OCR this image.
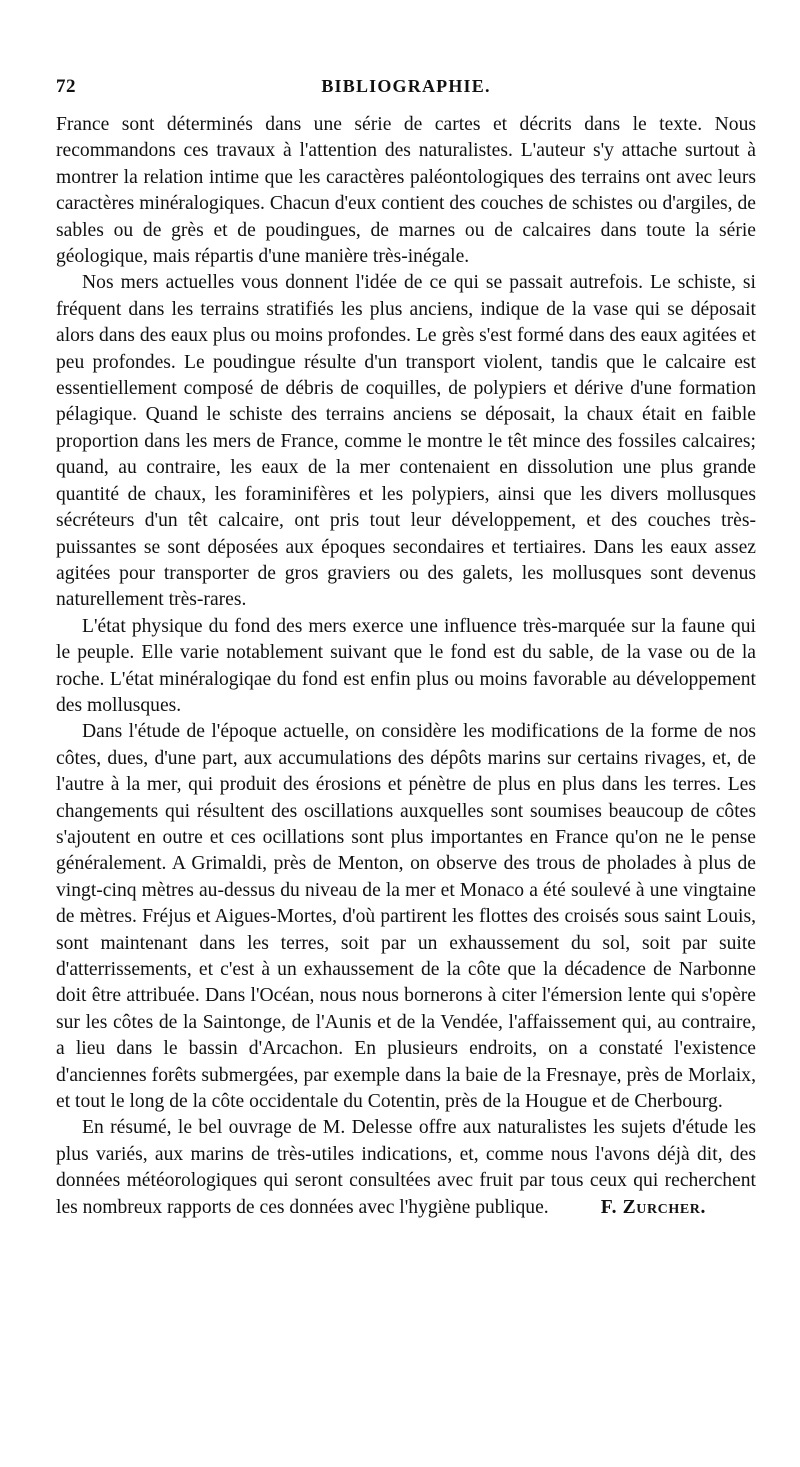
72	BIBLIOGRAPHIE.

France sont déterminés dans une série de cartes et décrits dans le texte. Nous recommandons ces travaux à l'attention des naturalistes. L'auteur s'y attache surtout à montrer la relation intime que les caractères paléontologiques des terrains ont avec leurs caractères minéralogiques. Chacun d'eux contient des couches de schistes ou d'argiles, de sables ou de grès et de poudingues, de marnes ou de calcaires dans toute la série géologique, mais répartis d'une manière très-inégale.

Nos mers actuelles vous donnent l'idée de ce qui se passait autrefois. Le schiste, si fréquent dans les terrains stratifiés les plus anciens, indique de la vase qui se déposait alors dans des eaux plus ou moins profondes. Le grès s'est formé dans des eaux agitées et peu profondes. Le poudingue résulte d'un transport violent, tandis que le calcaire est essentiellement composé de débris de coquilles, de polypiers et dérive d'une formation pélagique. Quand le schiste des terrains anciens se déposait, la chaux était en faible proportion dans les mers de France, comme le montre le têt mince des fossiles calcaires; quand, au contraire, les eaux de la mer contenaient en dissolution une plus grande quantité de chaux, les foraminifères et les polypiers, ainsi que les divers mollusques sécréteurs d'un têt calcaire, ont pris tout leur développement, et des couches très-puissantes se sont déposées aux époques secondaires et tertiaires. Dans les eaux assez agitées pour transporter de gros graviers ou des galets, les mollusques sont devenus naturellement très-rares.

L'état physique du fond des mers exerce une influence très-marquée sur la faune qui le peuple. Elle varie notablement suivant que le fond est du sable, de la vase ou de la roche. L'état minéralogiqae du fond est enfin plus ou moins favorable au développement des mollusques.

Dans l'étude de l'époque actuelle, on considère les modifications de la forme de nos côtes, dues, d'une part, aux accumulations des dépôts marins sur certains rivages, et, de l'autre à la mer, qui produit des érosions et pénètre de plus en plus dans les terres. Les changements qui résultent des oscillations auxquelles sont soumises beaucoup de côtes s'ajoutent en outre et ces ocillations sont plus importantes en France qu'on ne le pense généralement. A Grimaldi, près de Menton, on observe des trous de pholades à plus de vingt-cinq mètres au-dessus du niveau de la mer et Monaco a été soulevé à une vingtaine de mètres. Fréjus et Aigues-Mortes, d'où partirent les flottes des croisés sous saint Louis, sont maintenant dans les terres, soit par un exhaussement du sol, soit par suite d'atterrissements, et c'est à un exhaussement de la côte que la décadence de Narbonne doit être attribuée. Dans l'Océan, nous nous bornerons à citer l'émersion lente qui s'opère sur les côtes de la Saintonge, de l'Aunis et de la Vendée, l'affaissement qui, au contraire, a lieu dans le bassin d'Arcachon. En plusieurs endroits, on a constaté l'existence d'anciennes forêts submergées, par exemple dans la baie de la Fresnaye, près de Morlaix, et tout le long de la côte occidentale du Cotentin, près de la Hougue et de Cherbourg.

En résumé, le bel ouvrage de M. Delesse offre aux naturalistes les sujets d'étude les plus variés, aux marins de très-utiles indications, et, comme nous l'avons déjà dit, des données météorologiques qui seront consultées avec fruit par tous ceux qui recherchent les nombreux rapports de ces données avec l'hygiène publique.	F. Zurcher.
